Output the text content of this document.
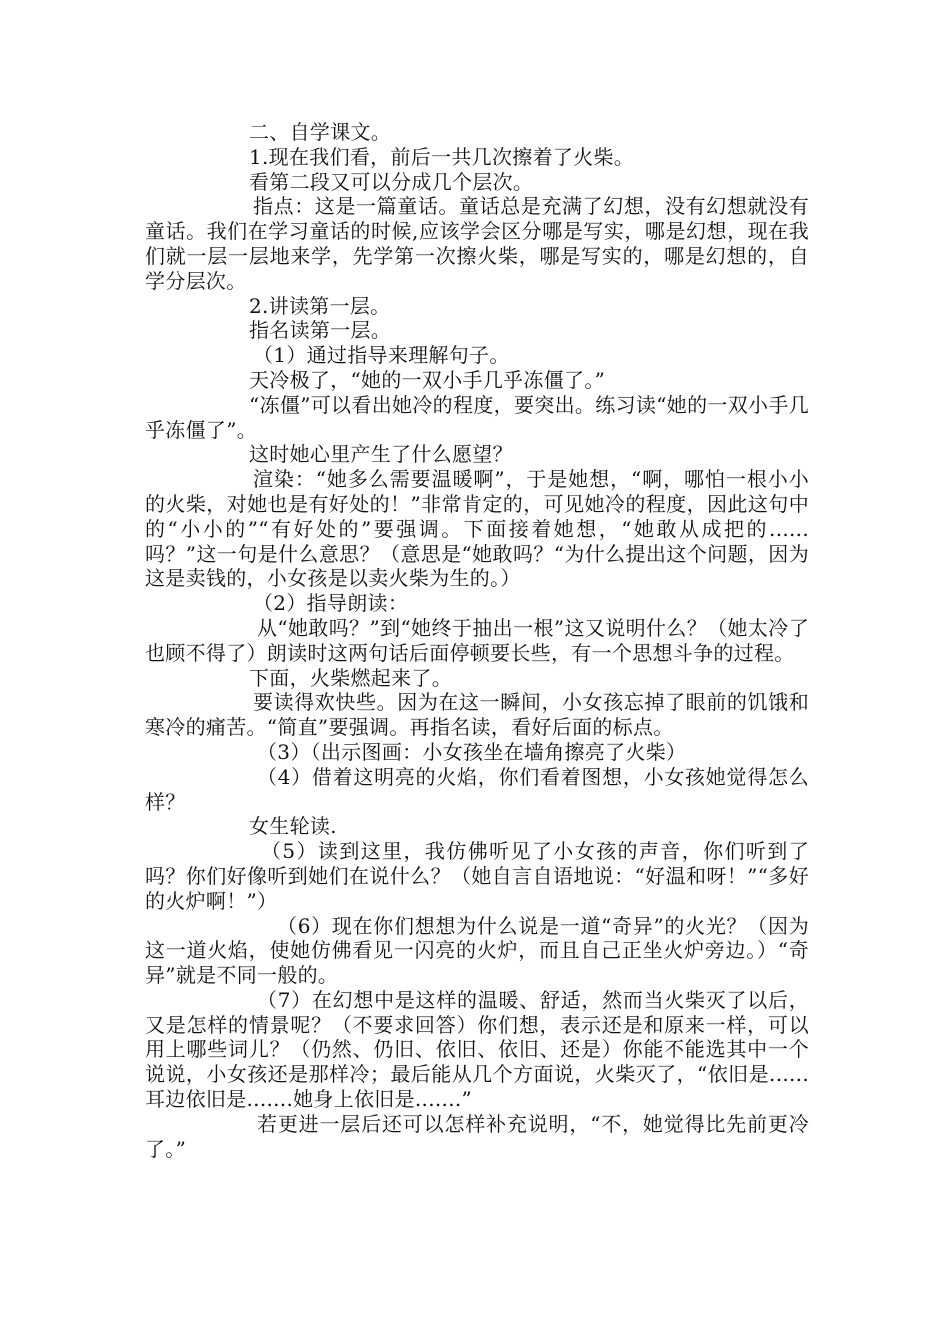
二、自学课文。

1.现在我们看，前后一共几次擦着了火柴。

看第二段又可以分成几个层次。

指点：这是一篇童话。童话总是充满了幻想，没有幻想就没有童话。我们在学习童话的时候,应该学会区分哪是写实，哪是幻想，现在我们就一层一层地来学，先学第一次擦火柴，哪是写实的，哪是幻想的，自学分层次。

2.讲读第一层。

指名读第一层。

（1）通过指导来理解句子。

天冷极了，“她的一双小手几乎冻僵了。”

“冻僵”可以看出她冷的程度，要突出。练习读“她的一双小手几乎冻僵了”。

这时她心里产生了什么愿望？

渲染：“她多么需要温暖啊”，于是她想，“啊，哪怕一根小小的火柴，对她也是有好处的！”非常肯定的，可见她冷的程度，因此这句中的“小小的”“有好处的”要强调。下面接着她想，“她敢从成把的......吗？”这一句是什么意思？（意思是“她敢吗？“为什么提出这个问题，因为这是卖钱的，小女孩是以卖火柴为生的。）

（2）指导朗读：

从“她敢吗？”到“她终于抽出一根”这又说明什么？（她太冷了也顾不得了）朗读时这两句话后面停顿要长些，有一个思想斗争的过程。

下面，火柴燃起来了。

要读得欢快些。因为在这一瞬间，小女孩忘掉了眼前的饥饿和寒冷的痛苦。“简直”要强调。再指名读，看好后面的标点。

（3）（出示图画：小女孩坐在墙角擦亮了火柴）

（4）借着这明亮的火焰，你们看着图想，小女孩她觉得怎么样？

女生轮读.

（5）读到这里，我仿佛听见了小女孩的声音，你们听到了吗？你们好像听到她们在说什么？（她自言自语地说：“好温和呀！”“多好的火炉啊！”）

（6）现在你们想想为什么说是一道“奇异”的火光？（因为这一道火焰，使她仿佛看见一闪亮的火炉，而且自己正坐火炉旁边。）“奇异”就是不同一般的。

（7）在幻想中是这样的温暖、舒适，然而当火柴灭了以后，又是怎样的情景呢？（不要求回答）你们想，表示还是和原来一样，可以用上哪些词儿？（仍然、仍旧、依旧、依旧、还是）你能不能选其中一个说说，小女孩还是那样冷；最后能从几个方面说，火柴灭了，“依旧是......耳边依旧是.......她身上依旧是.......”

若更进一层后还可以怎样补充说明，“不，她觉得比先前更冷了。”
